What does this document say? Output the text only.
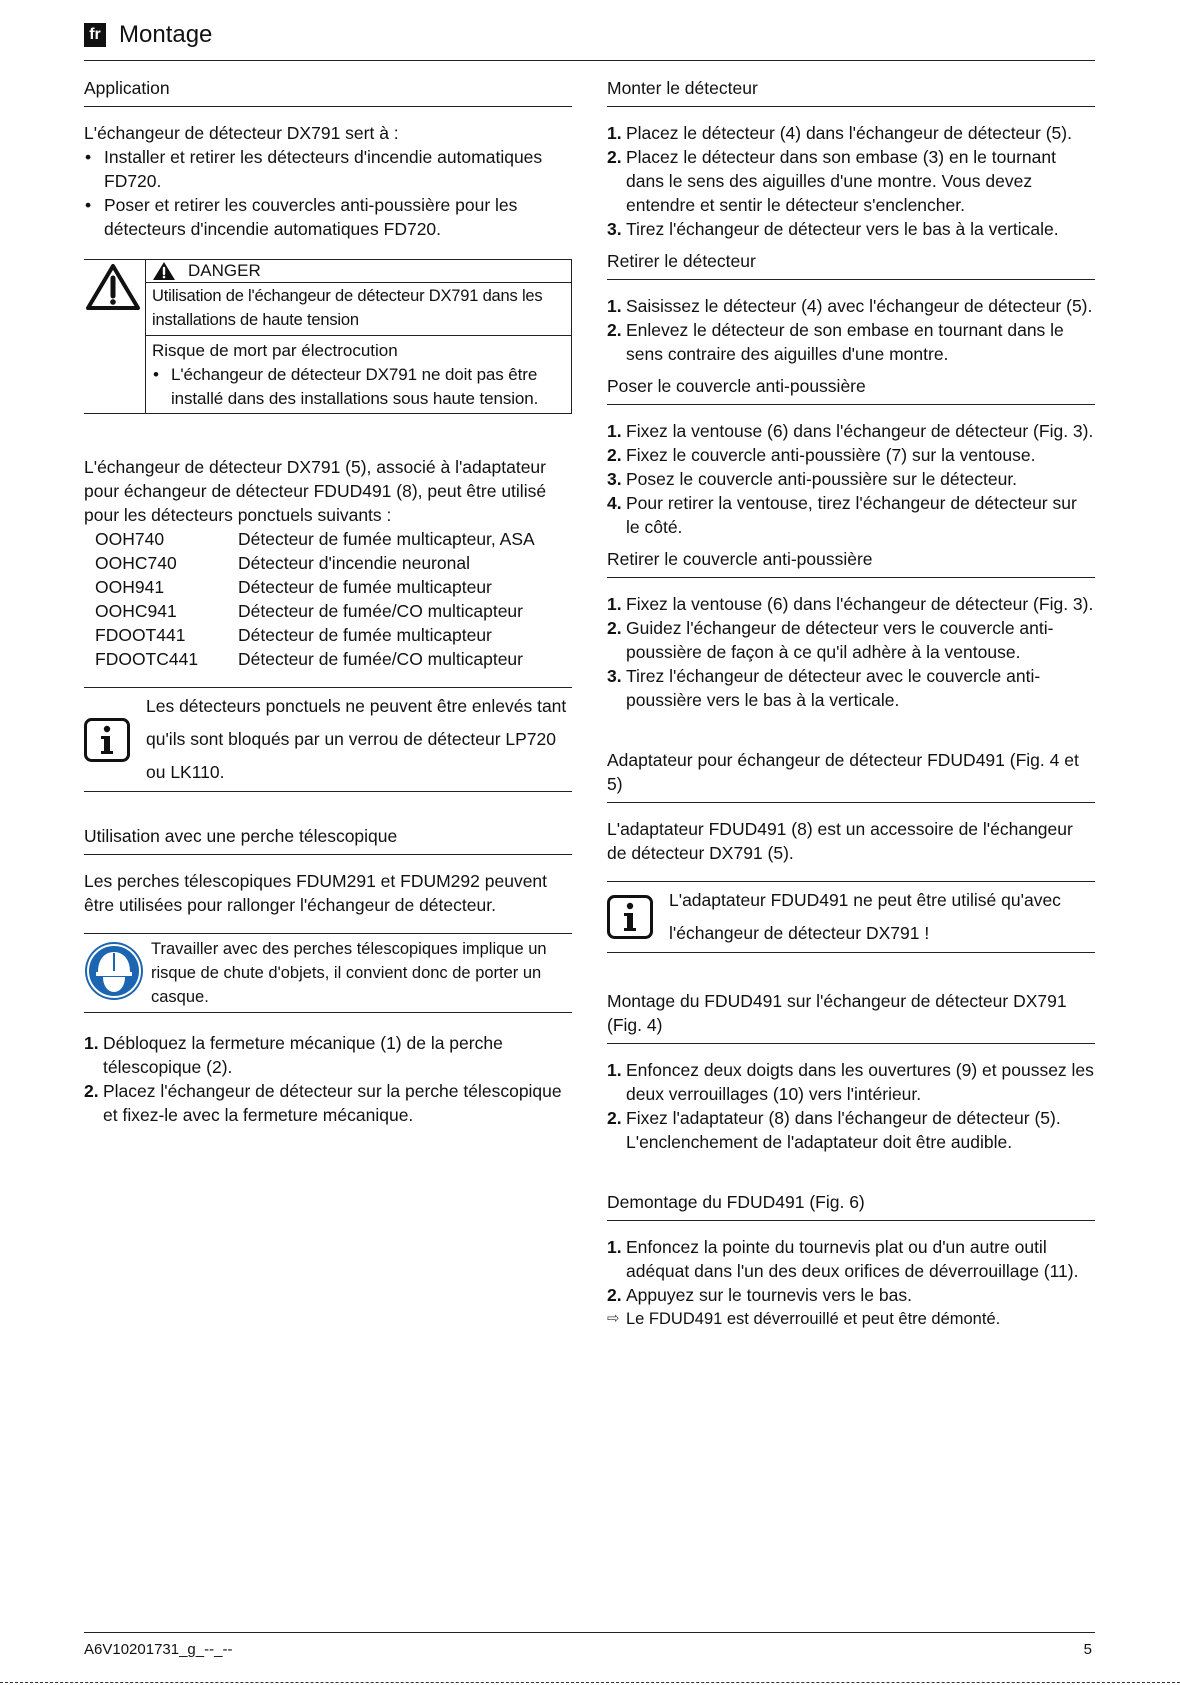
fr Montage
Application

L'échangeur de détecteur DX791 sert à :

• Installer et retirer les détecteurs d'incendie automatiques FD720.
• Poser et retirer les couvercles anti-poussière pour les détecteurs d'incendie automatiques FD720.
DANGER
Utilisation de l'échangeur de détecteur DX791 dans les installations de haute tension
Risque de mort par électrocution
• L'échangeur de détecteur DX791 ne doit pas être installé dans des installations sous haute tension.

L'échangeur de détecteur DX791 (5), associé à l'adaptateur pour échangeur de détecteur FDUD491 (8), peut être utilisé pour les détecteurs ponctuels suivants :

OOH740	Détecteur de fumée multicapteur, ASA
OOHC740	Détecteur d'incendie neuronal
OOH941	Détecteur de fumée multicapteur
OOHC941	Détecteur de fumée/CO multicapteur
FDOOT441	Détecteur de fumée multicapteur
FDOOTC441	Détecteur de fumée/CO multicapteur
Les détecteurs ponctuels ne peuvent être enlevés tant qu'ils sont bloqués par un verrou de détecteur LP720 ou LK110.
Utilisation avec une perche télescopique

Les perches télescopiques FDUM291 et FDUM292 peuvent être utilisées pour rallonger l'échangeur de détecteur.

Travailler avec des perches télescopiques implique un risque de chute d'objets, il convient donc de porter un casque.
1. Débloquez la fermeture mécanique (1) de la perche télescopique (2).
2. Placez l'échangeur de détecteur sur la perche télescopique et fixez-le avec la fermeture mécanique.
Monter le détecteur
1. Placez le détecteur (4) dans l'échangeur de détecteur (5).
2. Placez le détecteur dans son embase (3) en le tournant dans le sens des aiguilles d'une montre. Vous devez entendre et sentir le détecteur s'enclencher.
3. Tirez l'échangeur de détecteur vers le bas à la verticale.
Retirer le détecteur
1. Saisissez le détecteur (4) avec l'échangeur de détecteur (5).
2. Enlevez le détecteur de son embase en tournant dans le sens contraire des aiguilles d'une montre.
Poser le couvercle anti-poussière
1. Fixez la ventouse (6) dans l'échangeur de détecteur (Fig. 3).
2. Fixez le couvercle anti-poussière (7) sur la ventouse.
3. Posez le couvercle anti-poussière sur le détecteur.
4. Pour retirer la ventouse, tirez l'échangeur de détecteur sur le côté.
Retirer le couvercle anti-poussière
1. Fixez la ventouse (6) dans l'échangeur de détecteur (Fig. 3).
2. Guidez l'échangeur de détecteur vers le couvercle anti-poussière de façon à ce qu'il adhère à la ventouse.
3. Tirez l'échangeur de détecteur avec le couvercle anti-poussière vers le bas à la verticale.
Adaptateur pour échangeur de détecteur FDUD491 (Fig. 4 et 5)

L'adaptateur FDUD491 (8) est un accessoire de l'échangeur de détecteur DX791 (5).

L'adaptateur FDUD491 ne peut être utilisé qu'avec l'échangeur de détecteur DX791 !
Montage du FDUD491 sur l'échangeur de détecteur DX791 (Fig. 4)
1. Enfoncez deux doigts dans les ouvertures (9) et poussez les deux verrouillages (10) vers l'intérieur.
2. Fixez l'adaptateur (8) dans l'échangeur de détecteur (5). L'enclenchement de l'adaptateur doit être audible.
Demontage du FDUD491 (Fig. 6)
1. Enfoncez la pointe du tournevis plat ou d'un autre outil adéquat dans l'un des deux orifices de déverrouillage (11).
2. Appuyez sur le tournevis vers le bas.
⇨ Le FDUD491 est déverrouillé et peut être démonté.
A6V10201731_g_--_--	5
